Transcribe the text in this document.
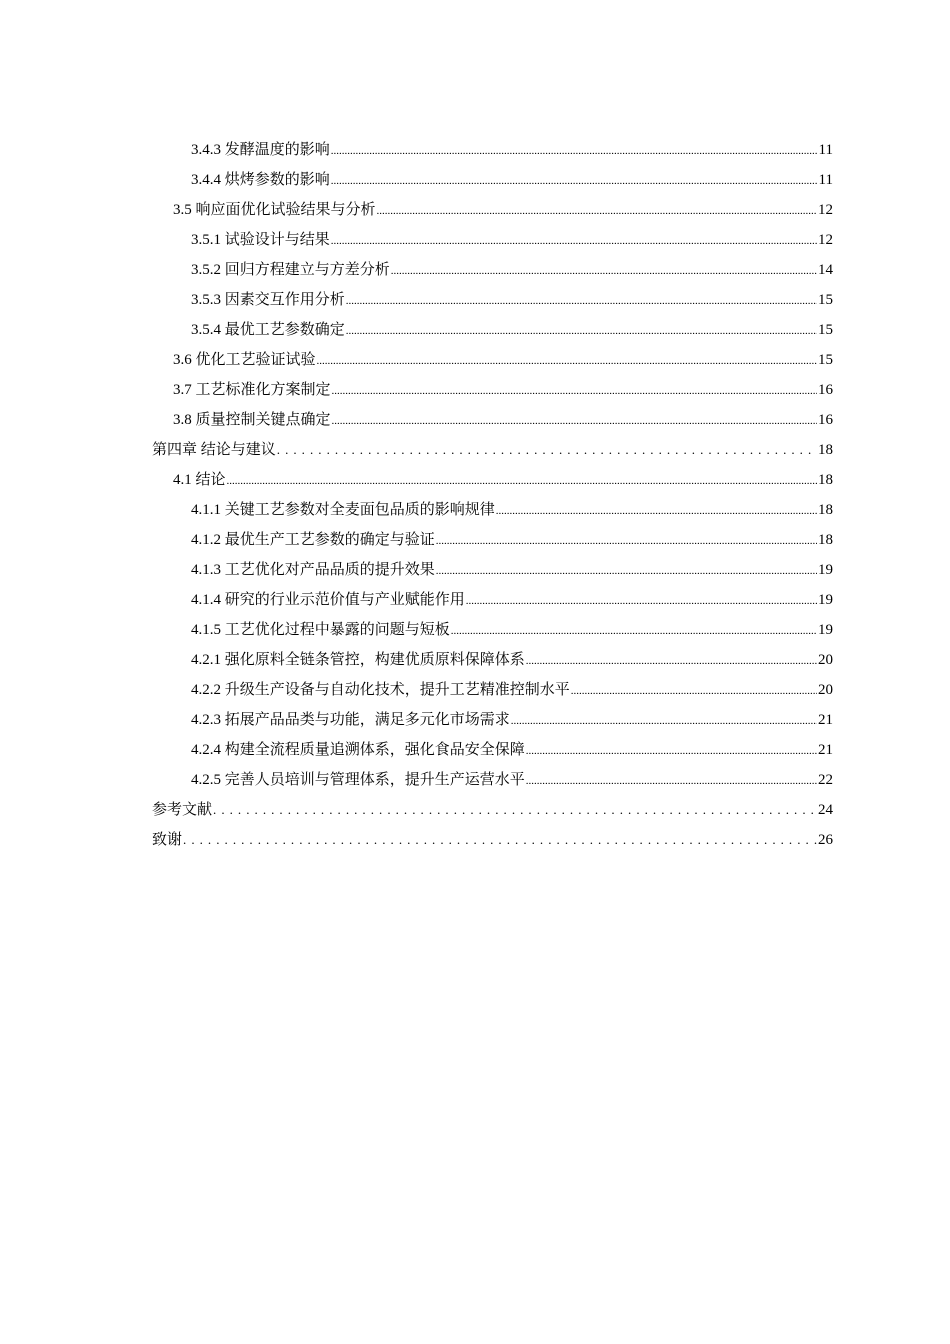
3.4.3 发酵温度的影响 .....	11
3.4.4 烘烤参数的影响 .....	11
3.5 响应面优化试验结果与分析 .....	12
3.5.1 试验设计与结果 .....	12
3.5.2 回归方程建立与方差分析 .....	14
3.5.3 因素交互作用分析 .....	15
3.5.4 最优工艺参数确定 .....	15
3.6 优化工艺验证试验 .....	15
3.7 工艺标准化方案制定 .....	16
3.8 质量控制关键点确定 .....	16
第四章 结论与建议 . . .	18
4.1 结论 .....	18
4.1.1 关键工艺参数对全麦面包品质的影响规律 .....	18
4.1.2 最优生产工艺参数的确定与验证 .....	18
4.1.3 工艺优化对产品品质的提升效果 .....	19
4.1.4 研究的行业示范价值与产业赋能作用 .....	19
4.1.5 工艺优化过程中暴露的问题与短板 .....	19
4.2.1 强化原料全链条管控，构建优质原料保障体系 .....	20
4.2.2 升级生产设备与自动化技术，提升工艺精准控制水平 .....	20
4.2.3 拓展产品品类与功能，满足多元化市场需求 .....	21
4.2.4 构建全流程质量追溯体系，强化食品安全保障 .....	21
4.2.5 完善人员培训与管理体系，提升生产运营水平 .....	22
参考文献 . . .	24
致谢 . . .	26
